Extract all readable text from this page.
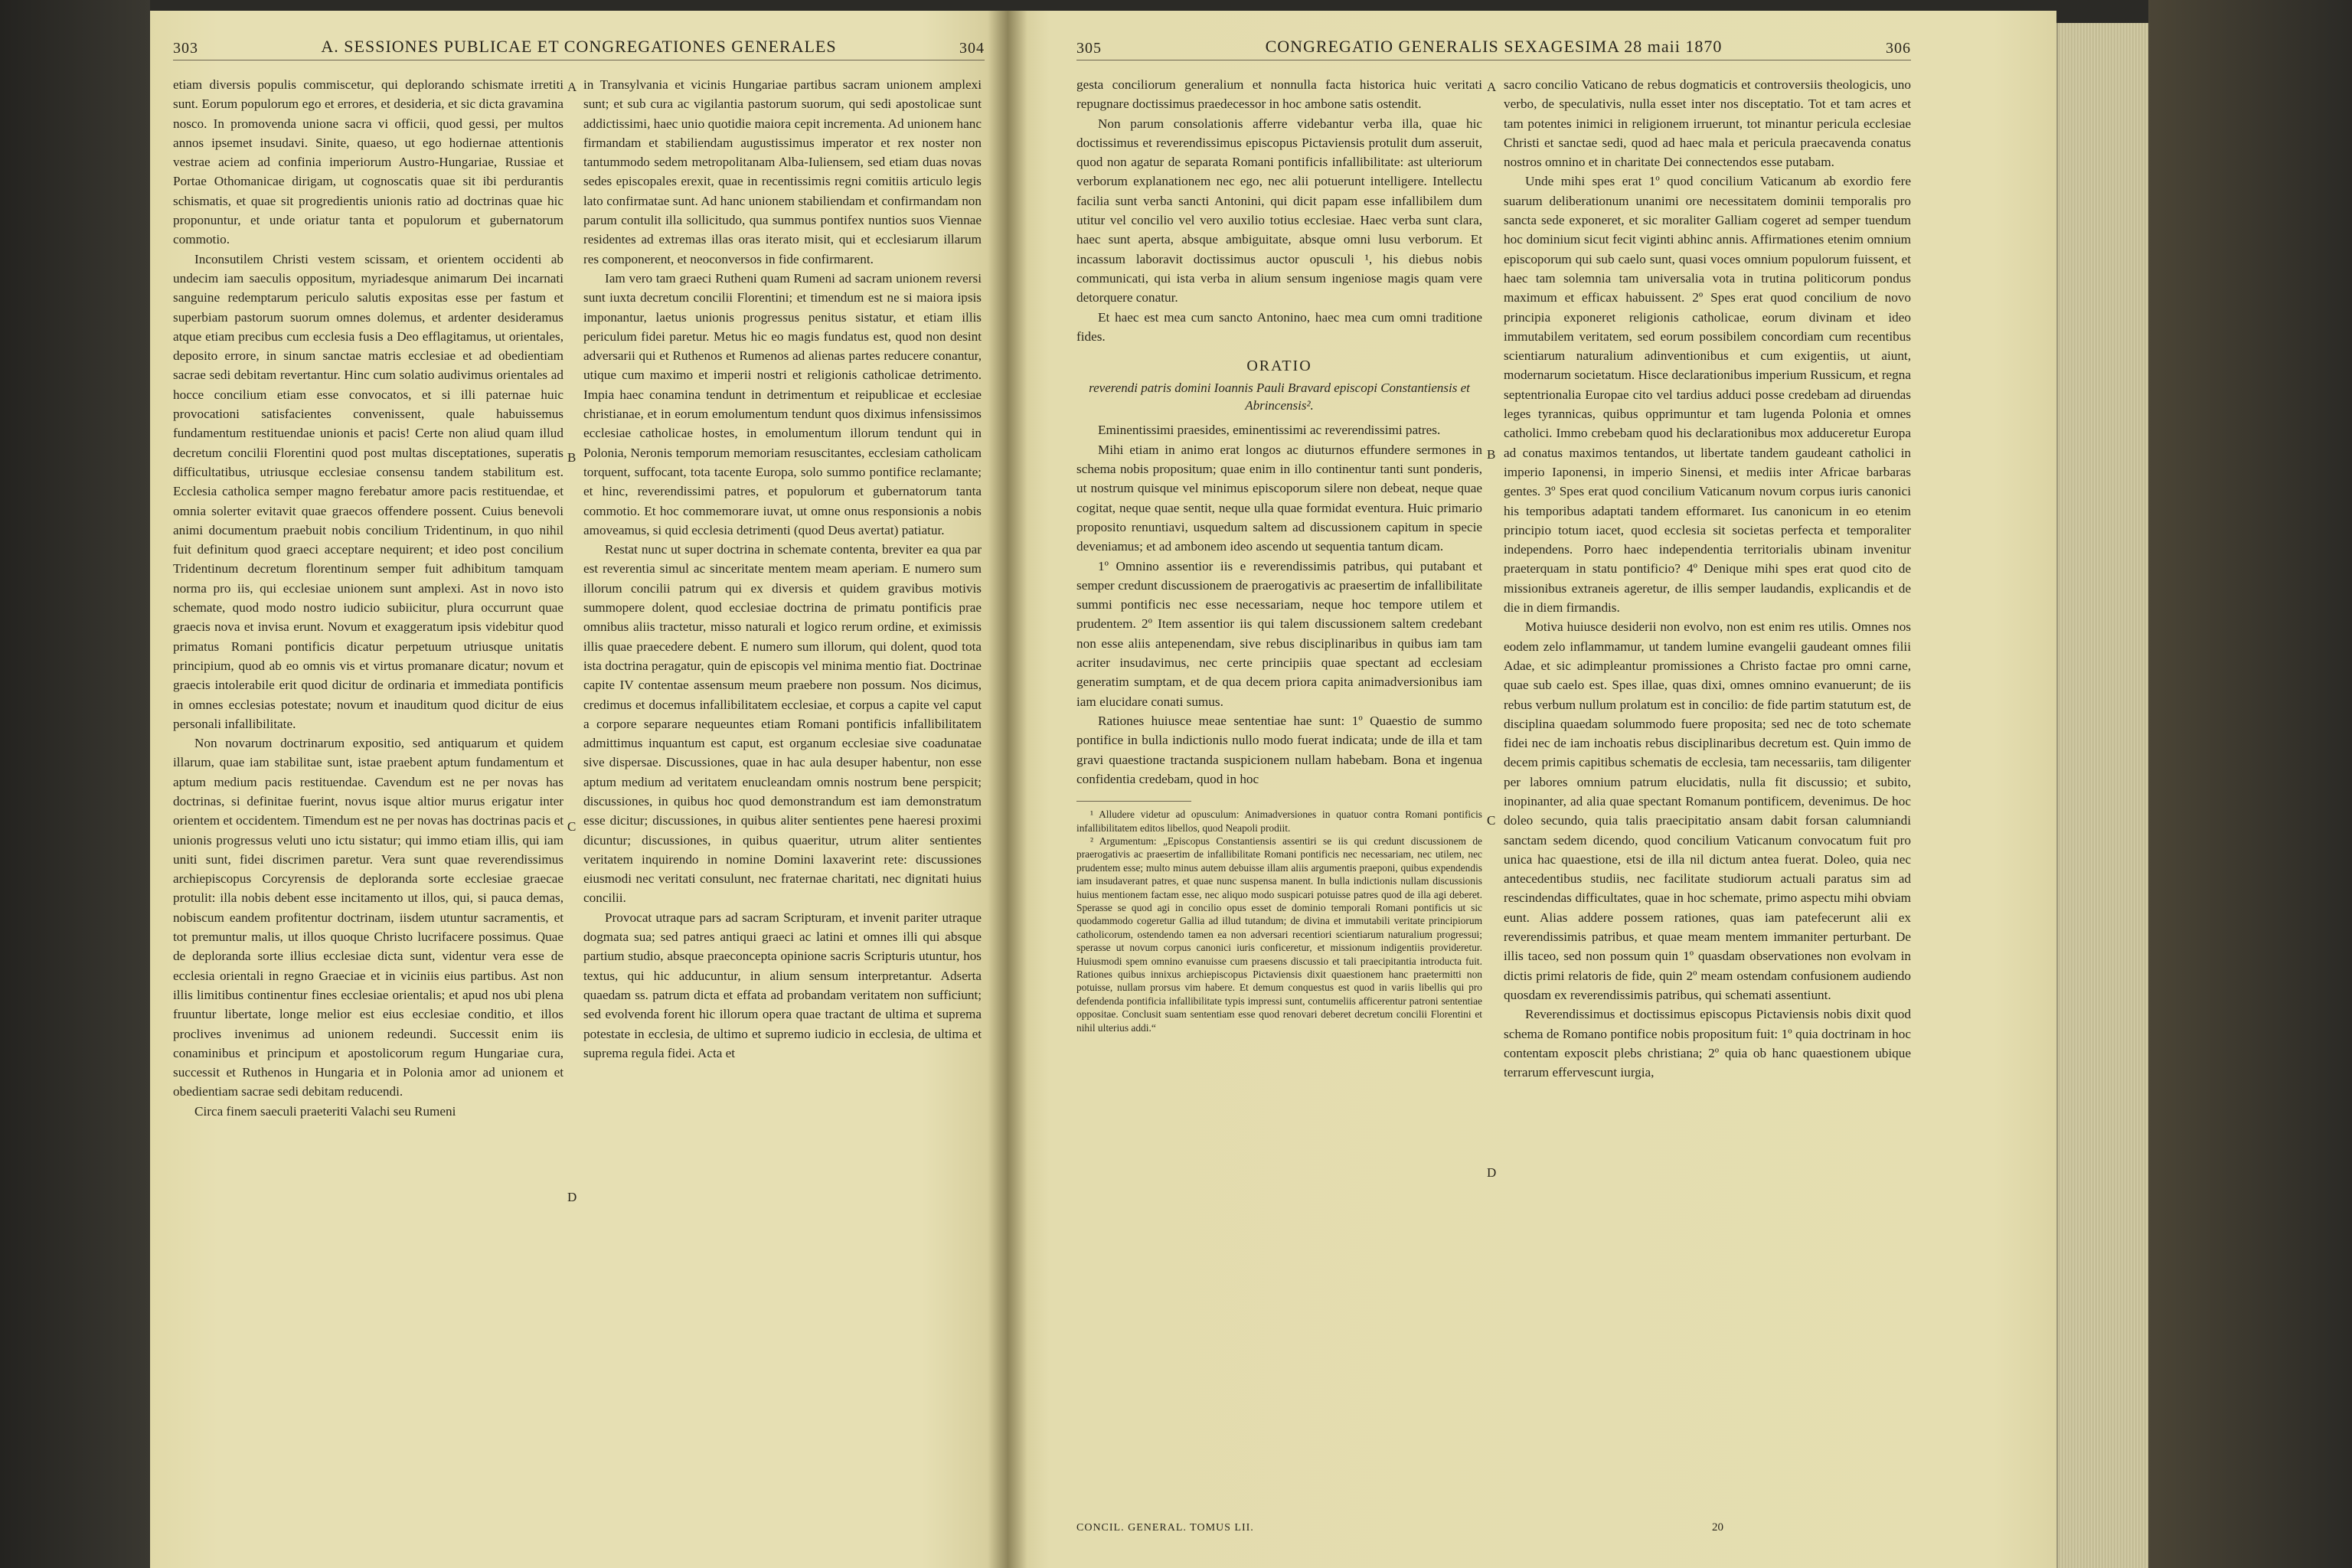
303	A. SESSIONES PUBLICAE ET CONGREGATIONES GENERALES	304

etiam diversis populis commiscetur, qui deplorando schismate irretiti sunt. Eorum populorum ego et errores, et desideria, et sic dicta gravamina nosco. In promovenda unione sacra vi officii, quod gessi, per multos annos ipsemet insudavi. Sinite, quaeso, ut ego hodiernae attentionis vestrae aciem ad confinia imperiorum Austro-Hungariae, Russiae et Portae Othomanicae dirigam, ut cognoscatis quae sit ibi perdurantis schismatis, et quae sit progredientis unionis ratio ad doctrinas quae hic proponuntur, et unde oriatur tanta et populorum et gubernatorum commotio.

Inconsutilem Christi vestem scissam, et orientem occidenti ab undecim iam saeculis oppositum, myriadesque animarum Dei incarnati sanguine redemptarum periculo salutis expositas esse per fastum et superbiam pastorum suorum omnes dolemus, et ardenter desideramus atque etiam precibus cum ecclesia fusis a Deo efflagitamus, ut orientales, deposito errore, in sinum sanctae matris ecclesiae et ad obedientiam sacrae sedi debitam revertantur. Hinc cum solatio audivimus orientales ad hocce concilium etiam esse convocatos, et si illi paternae huic provocationi satisfacientes convenissent, quale habuissemus fundamentum restituendae unionis et pacis! Certe non aliud quam illud decretum concilii Florentini quod post multas disceptationes, superatis difficultatibus, utriusque ecclesiae consensu tandem stabilitum est. Ecclesia catholica semper magno ferebatur amore pacis restituendae, et omnia solerter evitavit quae graecos offendere possent. Cuius benevoli animi documentum praebuit nobis concilium Tridentinum, in quo nihil fuit definitum quod graeci acceptare nequirent; et ideo post concilium Tridentinum decretum florentinum semper fuit adhibitum tamquam norma pro iis, qui ecclesiae unionem sunt amplexi. Ast in novo isto schemate, quod modo nostro iudicio subiicitur, plura occurrunt quae graecis nova et invisa erunt. Novum et exaggeratum ipsis videbitur quod primatus Romani pontificis dicatur perpetuum utriusque unitatis principium, quod ab eo omnis vis et virtus promanare dicatur; novum et graecis intolerabile erit quod dicitur de ordinaria et immediata pontificis in omnes ecclesias potestate; novum et inauditum quod dicitur de eius personali infallibilitate.

Non novarum doctrinarum expositio, sed antiquarum et quidem illarum, quae iam stabilitae sunt, istae praebent aptum fundamentum et aptum medium pacis restituendae. Cavendum est ne per novas has doctrinas, si definitae fuerint, novus isque altior murus erigatur inter orientem et occidentem. Timendum est ne per novas has doctrinas pacis et unionis progressus veluti uno ictu sistatur; qui immo etiam illis, qui iam uniti sunt, fidei discrimen paretur. Vera sunt quae reverendissimus archiepiscopus Corcyrensis de deploranda sorte ecclesiae graecae protulit: illa nobis debent esse incitamento ut illos, qui, si pauca demas, nobiscum eandem profitentur doctrinam, iisdem utuntur sacramentis, et tot premuntur malis, ut illos quoque Christo lucrifacere possimus. Quae de deploranda sorte illius ecclesiae dicta sunt, videntur vera esse de ecclesia orientali in regno Graeciae et in viciniis eius partibus. Ast non illis limitibus continentur fines ecclesiae orientalis; et apud nos ubi plena fruuntur libertate, longe melior est eius ecclesiae conditio, et illos proclives invenimus ad unionem redeundi. Successit enim iis conaminibus et principum et apostolicorum regum Hungariae cura, successit et Ruthenos in Hungaria et in Polonia amor ad unionem et obedientiam sacrae sedi debitam reducendi.

Circa finem saeculi praeteriti Valachi seu Rumeni

A
B
C
D

in Transylvania et vicinis Hungariae partibus sacram unionem amplexi sunt; et sub cura ac vigilantia pastorum suorum, qui sedi apostolicae sunt addictissimi, haec unio quotidie maiora cepit incrementa. Ad unionem hanc firmandam et stabiliendam augustissimus imperator et rex noster non tantummodo sedem metropolitanam Alba-Iuliensem, sed etiam duas novas sedes episcopales erexit, quae in recentissimis regni comitiis articulo legis lato confirmatae sunt. Ad hanc unionem stabiliendam et confirmandam non parum contulit illa sollicitudo, qua summus pontifex nuntios suos Viennae residentes ad extremas illas oras iterato misit, qui et ecclesiarum illarum res componerent, et neoconversos in fide confirmarent.

Iam vero tam graeci Rutheni quam Rumeni ad sacram unionem reversi sunt iuxta decretum concilii Florentini; et timendum est ne si maiora ipsis imponantur, laetus unionis progressus penitus sistatur, et etiam illis periculum fidei paretur. Metus hic eo magis fundatus est, quod non desint adversarii qui et Ruthenos et Rumenos ad alienas partes reducere conantur, utique cum maximo et imperii nostri et religionis catholicae detrimento. Impia haec conamina tendunt in detrimentum et reipublicae et ecclesiae christianae, et in eorum emolumentum tendunt quos diximus infensissimos ecclesiae catholicae hostes, in emolumentum illorum tendunt qui in Polonia, Neronis temporum memoriam resuscitantes, ecclesiam catholicam torquent, suffocant, tota tacente Europa, solo summo pontifice reclamante; et hinc, reverendissimi patres, et populorum et gubernatorum tanta commotio. Et hoc commemorare iuvat, ut omne onus responsionis a nobis amoveamus, si quid ecclesia detrimenti (quod Deus avertat) patiatur.

Restat nunc ut super doctrina in schemate contenta, breviter ea qua par est reverentia simul ac sinceritate mentem meam aperiam. E numero sum illorum concilii patrum qui ex diversis et quidem gravibus motivis summopere dolent, quod ecclesiae doctrina de primatu pontificis prae omnibus aliis tractetur, misso naturali et logico rerum ordine, et eximissis illis quae praecedere debent. E numero sum illorum, qui dolent, quod tota ista doctrina peragatur, quin de episcopis vel minima mentio fiat. Doctrinae capite IV contentae assensum meum praebere non possum. Nos dicimus, credimus et docemus infallibilitatem ecclesiae, et corpus a capite vel caput a corpore separare nequeuntes etiam Romani pontificis infallibilitatem admittimus inquantum est caput, est organum ecclesiae sive coadunatae sive dispersae. Discussiones, quae in hac aula desuper habentur, non esse aptum medium ad veritatem enucleandam omnis nostrum bene perspicit; discussiones, in quibus hoc quod demonstrandum est iam demonstratum esse dicitur; discussiones, in quibus aliter sentientes pene haeresi proximi dicuntur; discussiones, in quibus quaeritur, utrum aliter sentientes veritatem inquirendo in nomine Domini laxaverint rete: discussiones eiusmodi nec veritati consulunt, nec fraternae charitati, nec dignitati huius concilii.

Provocat utraque pars ad sacram Scripturam, et invenit pariter utraque dogmata sua; sed patres antiqui graeci ac latini et omnes illi qui absque partium studio, absque praeconcepta opinione sacris Scripturis utuntur, hos textus, qui hic adducuntur, in alium sensum interpretantur. Adserta quaedam ss. patrum dicta et effata ad probandam veritatem non sufficiunt; sed evolvenda forent hic illorum opera quae tractant de ultima et suprema potestate in ecclesia, de ultimo et supremo iudicio in ecclesia, de ultima et suprema regula fidei. Acta et

305	CONGREGATIO GENERALIS SEXAGESIMA 28 maii 1870	306

gesta conciliorum generalium et nonnulla facta historica huic veritati repugnare doctissimus praedecessor in hoc ambone satis ostendit.

Non parum consolationis afferre videbantur verba illa, quae hic doctissimus et reverendissimus episcopus Pictaviensis protulit dum asseruit, quod non agatur de separata Romani pontificis infallibilitate: ast ulteriorum verborum explanationem nec ego, nec alii potuerunt intelligere. Intellectu facilia sunt verba sancti Antonini, qui dicit papam esse infallibilem dum utitur vel concilio vel vero auxilio totius ecclesiae. Haec verba sunt clara, haec sunt aperta, absque ambiguitate, absque omni lusu verborum. Et incassum laboravit doctissimus auctor opusculi ¹, his diebus nobis communicati, qui ista verba in alium sensum ingeniose magis quam vere detorquere conatur.

Et haec est mea cum sancto Antonino, haec mea cum omni traditione fides.

ORATIO
reverendi patris domini Ioannis Pauli Bravard episcopi Constantiensis et Abrincensis².

Eminentissimi praesides, eminentissimi ac reverendissimi patres.

Mihi etiam in animo erat longos ac diuturnos effundere sermones in schema nobis propositum; quae enim in illo continentur tanti sunt ponderis, ut nostrum quisque vel minimus episcoporum silere non debeat, neque quae cogitat, neque quae sentit, neque ulla quae formidat eventura. Huic primario proposito renuntiavi, usquedum saltem ad discussionem capitum in specie deveniamus; et ad ambonem ideo ascendo ut sequentia tantum dicam.

1º Omnino assentior iis e reverendissimis patribus, qui putabant et semper credunt discussionem de praerogativis ac praesertim de infallibilitate summi pontificis nec esse necessariam, neque hoc tempore utilem et prudentem. 2º Item assentior iis qui talem discussionem saltem credebant non esse aliis antepenendam, sive rebus disciplinaribus in quibus iam tam acriter insudavimus, nec certe principiis quae spectant ad ecclesiam generatim sumptam, et de qua decem priora capita animadversionibus iam iam elucidare conati sumus.

Rationes huiusce meae sententiae hae sunt: 1º Quaestio de summo pontifice in bulla indictionis nullo modo fuerat indicata; unde de illa et tam gravi quaestione tractanda suspicionem nullam habebam. Bona et ingenua confidentia credebam, quod in hoc

¹ Alludere videtur ad opusculum: Animadversiones in quatuor contra Romani pontificis infallibilitatem editos libellos, quod Neapoli prodiit.

² Argumentum: „Episcopus Constantiensis assentiri se iis qui credunt discussionem de praerogativis ac praesertim de infallibilitate Romani pontificis nec necessariam, nec utilem, nec prudentem esse; multo minus autem debuisse illam aliis argumentis praeponi, quibus expendendis iam insudaverant patres, et quae nunc suspensa manent. In bulla indictionis nullam discussionis huius mentionem factam esse, nec aliquo modo suspicari potuisse patres quod de illa agi deberet. Sperasse se quod agi in concilio opus esset de dominio temporali Romani pontificis ut sic quodammodo cogeretur Gallia ad illud tutandum; de divina et immutabili veritate principiorum catholicorum, ostendendo tamen ea non adversari recentiori scientiarum naturalium progressui; sperasse ut novum corpus canonici iuris conficeretur, et missionum indigentiis provideretur. Huiusmodi spem omnino evanuisse cum praesens discussio et tali praecipitantia introducta fuit. Rationes quibus innixus archiepiscopus Pictaviensis dixit quaestionem hanc praetermitti non potuisse, nullam prorsus vim habere. Et demum conquestus est quod in variis libellis qui pro defendenda pontificia infallibilitate typis impressi sunt, contumeliis afficerentur patroni sententiae oppositae. Conclusit suam sententiam esse quod renovari deberet decretum concilii Florentini et nihil ulterius addi.“

A
B
C
D

sacro concilio Vaticano de rebus dogmaticis et controversiis theologicis, uno verbo, de speculativis, nulla esset inter nos disceptatio. Tot et tam acres et tam potentes inimici in religionem irruerunt, tot minantur pericula ecclesiae Christi et sanctae sedi, quod ad haec mala et pericula praecavenda conatus nostros omnino et in charitate Dei connectendos esse putabam.

Unde mihi spes erat 1º quod concilium Vaticanum ab exordio fere suarum deliberationum unanimi ore necessitatem dominii temporalis pro sancta sede exponeret, et sic moraliter Galliam cogeret ad semper tuendum hoc dominium sicut fecit viginti abhinc annis. Affirmationes etenim omnium episcoporum qui sub caelo sunt, quasi voces omnium populorum fuissent, et haec tam solemnia tam universalia vota in trutina politicorum pondus maximum et efficax habuissent. 2º Spes erat quod concilium de novo principia exponeret religionis catholicae, eorum divinam et ideo immutabilem veritatem, sed eorum possibilem concordiam cum recentibus scientiarum naturalium adinventionibus et cum exigentiis, ut aiunt, modernarum societatum. Hisce declarationibus imperium Russicum, et regna septentrionalia Europae cito vel tardius adduci posse credebam ad diruendas leges tyrannicas, quibus opprimuntur et tam lugenda Polonia et omnes catholici. Immo crebebam quod his declarationibus mox adduceretur Europa ad conatus maximos tentandos, ut libertate tandem gaudeant catholici in imperio Iaponensi, in imperio Sinensi, et mediis inter Africae barbaras gentes. 3º Spes erat quod concilium Vaticanum novum corpus iuris canonici his temporibus adaptati tandem efformaret. Ius canonicum in eo etenim principio totum iacet, quod ecclesia sit societas perfecta et temporaliter independens. Porro haec independentia territorialis ubinam invenitur praeterquam in statu pontificio? 4º Denique mihi spes erat quod cito de missionibus extraneis ageretur, de illis semper laudandis, explicandis et de die in diem firmandis.

Motiva huiusce desiderii non evolvo, non est enim res utilis. Omnes nos eodem zelo inflammamur, ut tandem lumine evangelii gaudeant omnes filii Adae, et sic adimpleantur promissiones a Christo factae pro omni carne, quae sub caelo est. Spes illae, quas dixi, omnes omnino evanuerunt; de iis rebus verbum nullum prolatum est in concilio: de fide partim statutum est, de disciplina quaedam solummodo fuere proposita; sed nec de toto schemate fidei nec de iam inchoatis rebus disciplinaribus decretum est. Quin immo de decem primis capitibus schematis de ecclesia, tam necessariis, tam diligenter per labores omnium patrum elucidatis, nulla fit discussio; et subito, inopinanter, ad alia quae spectant Romanum pontificem, devenimus. De hoc doleo secundo, quia talis praecipitatio ansam dabit forsan calumniandi sanctam sedem dicendo, quod concilium Vaticanum convocatum fuit pro unica hac quaestione, etsi de illa nil dictum antea fuerat. Doleo, quia nec antecedentibus studiis, nec facilitate studiorum actuali paratus sim ad rescindendas difficultates, quae in hoc schemate, primo aspectu mihi obviam eunt. Alias addere possem rationes, quas iam patefecerunt alii ex reverendissimis patribus, et quae meam mentem immaniter perturbant. De illis taceo, sed non possum quin 1º quasdam observationes non evolvam in dictis primi relatoris de fide, quin 2º meam ostendam confusionem audiendo quosdam ex reverendissimis patribus, qui schemati assentiunt.

Reverendissimus et doctissimus episcopus Pictaviensis nobis dixit quod schema de Romano pontifice nobis propositum fuit: 1º quia doctrinam in hoc contentam exposcit plebs christiana; 2º quia ob hanc quaestionem ubique terrarum effervescunt iurgia,

CONCIL. GENERAL. TOMUS LII.	20
